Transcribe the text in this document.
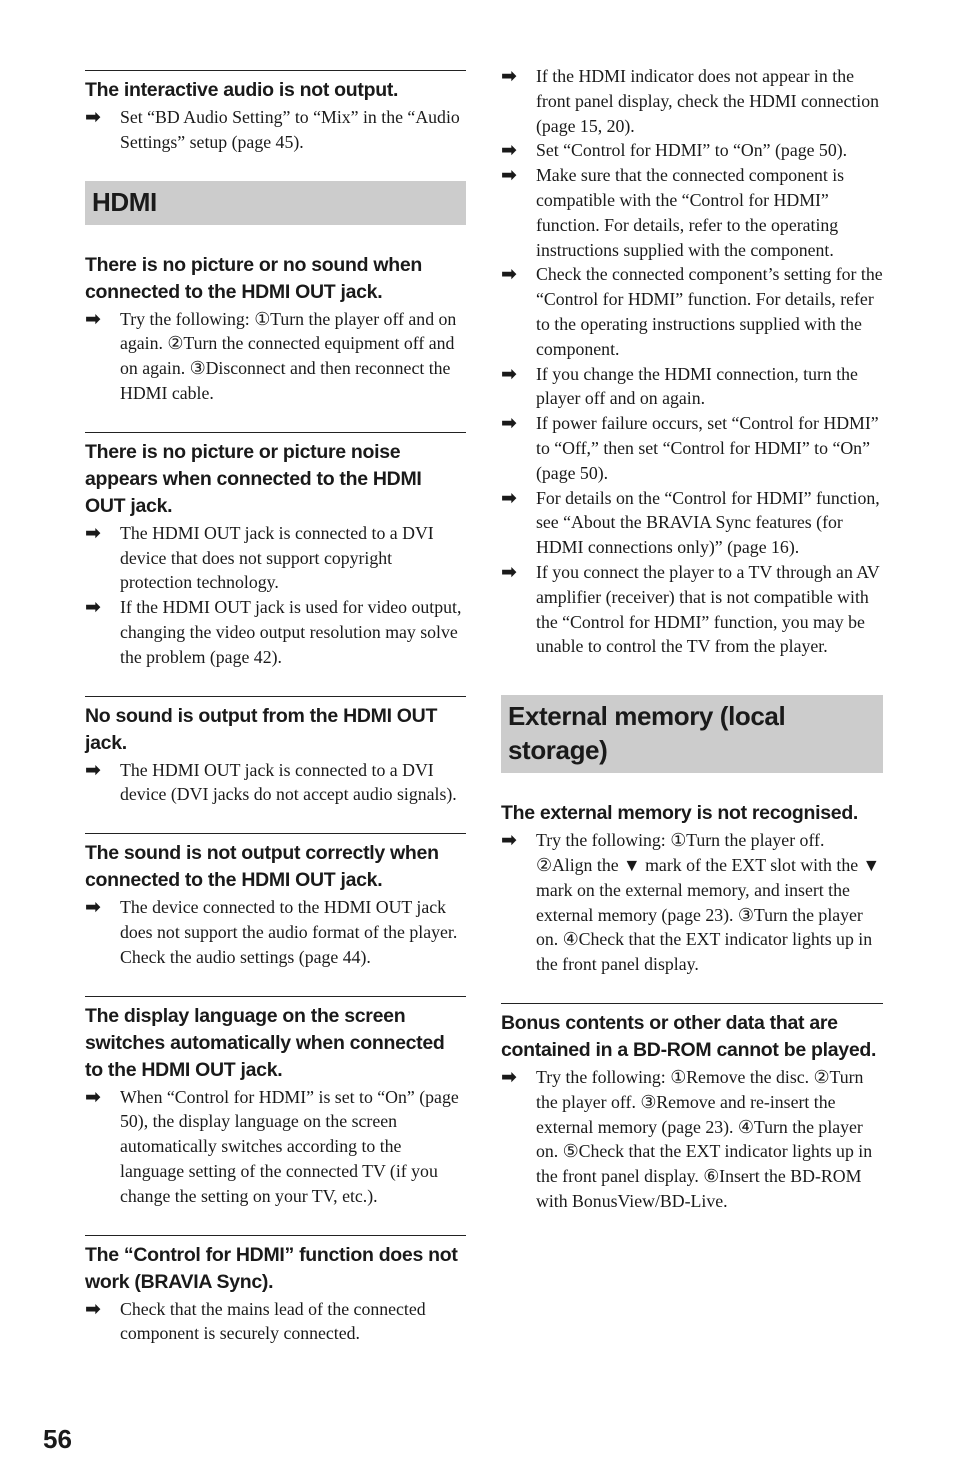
The interactive audio is not output.

➡ Set “BD Audio Setting” to “Mix” in the “Audio Settings” setup (page 45).

HDMI
There is no picture or no sound when connected to the HDMI OUT jack.

➡ Try the following: ①Turn the player off and on again. ②Turn the connected equipment off and on again. ③Disconnect and then reconnect the HDMI cable.

There is no picture or picture noise appears when connected to the HDMI OUT jack.

➡ The HDMI OUT jack is connected to a DVI device that does not support copyright protection technology.

➡ If the HDMI OUT jack is used for video output, changing the video output resolution may solve the problem (page 42).

No sound is output from the HDMI OUT jack.

➡ The HDMI OUT jack is connected to a DVI device (DVI jacks do not accept audio signals).

The sound is not output correctly when connected to the HDMI OUT jack.

➡ The device connected to the HDMI OUT jack does not support the audio format of the player. Check the audio settings (page 44).

The display language on the screen switches automatically when connected to the HDMI OUT jack.

➡ When “Control for HDMI” is set to “On” (page 50), the display language on the screen automatically switches according to the language setting of the connected TV (if you change the setting on your TV, etc.).

The “Control for HDMI” function does not work (BRAVIA Sync).

➡ Check that the mains lead of the connected component is securely connected.

➡ If the HDMI indicator does not appear in the front panel display, check the HDMI connection (page 15, 20).

➡ Set “Control for HDMI” to “On” (page 50).

➡ Make sure that the connected component is compatible with the “Control for HDMI” function. For details, refer to the operating instructions supplied with the component.

➡ Check the connected component’s setting for the “Control for HDMI” function. For details, refer to the operating instructions supplied with the component.

➡ If you change the HDMI connection, turn the player off and on again.

➡ If power failure occurs, set “Control for HDMI” to “Off,” then set “Control for HDMI” to “On” (page 50).

➡ For details on the “Control for HDMI” function, see “About the BRAVIA Sync features (for HDMI connections only)” (page 16).

➡ If you connect the player to a TV through an AV amplifier (receiver) that is not compatible with the “Control for HDMI” function, you may be unable to control the TV from the player.

External memory (local storage)
The external memory is not recognised.

➡ Try the following: ①Turn the player off. ②Align the ▼ mark of the EXT slot with the ▼ mark on the external memory, and insert the external memory (page 23). ③Turn the player on. ④Check that the EXT indicator lights up in the front panel display.

Bonus contents or other data that are contained in a BD-ROM cannot be played.

➡ Try the following: ①Remove the disc. ②Turn the player off. ③Remove and re-insert the external memory (page 23). ④Turn the player on. ⑤Check that the EXT indicator lights up in the front panel display. ⑥Insert the BD-ROM with BonusView/BD-Live.

56
